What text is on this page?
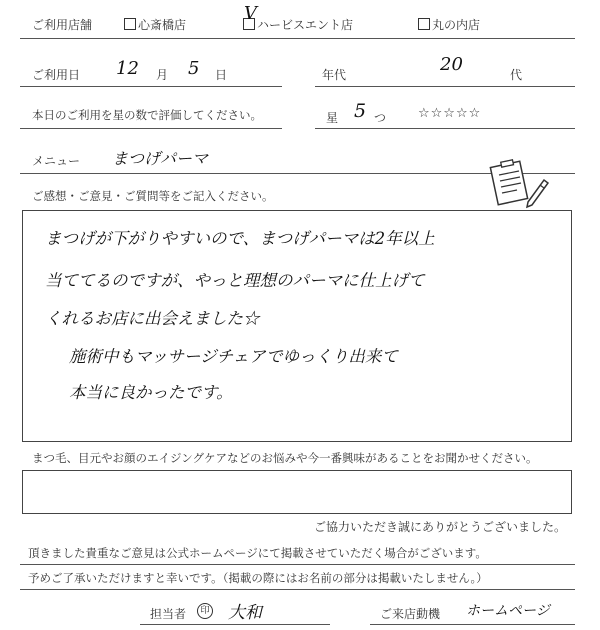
ご利用店舗	心斎橋店	ハービスエント店
V
丸の内店
ご利用日 12 月 5 日	年代	20	代
本日のご利用を星の数で評価してください。	星 5 つ ☆☆☆☆☆
メニュー まつげパーマ
ご感想・ご意見・ご質問等をご記入ください。
まつげが下がりやすいので、まつげパーマは2年以上
当ててるのですが、やっと理想のパーマに仕上げて
くれるお店に出会えました☆
施術中もマッサージチェアでゆっくり出来て
本当に良かったです。
まつ毛、目元やお顔のエイジングケアなどのお悩みや今一番興味があることをお聞かせください。
ご協力いただき誠にありがとうございました。
頂きました貴重なご意見は公式ホームページにて掲載させていただく場合がございます。
予めご了承いただけますと幸いです。（掲載の際にはお名前の部分は掲載いたしません。）
担当者	印 大和	ご来店動機 ホームページ
